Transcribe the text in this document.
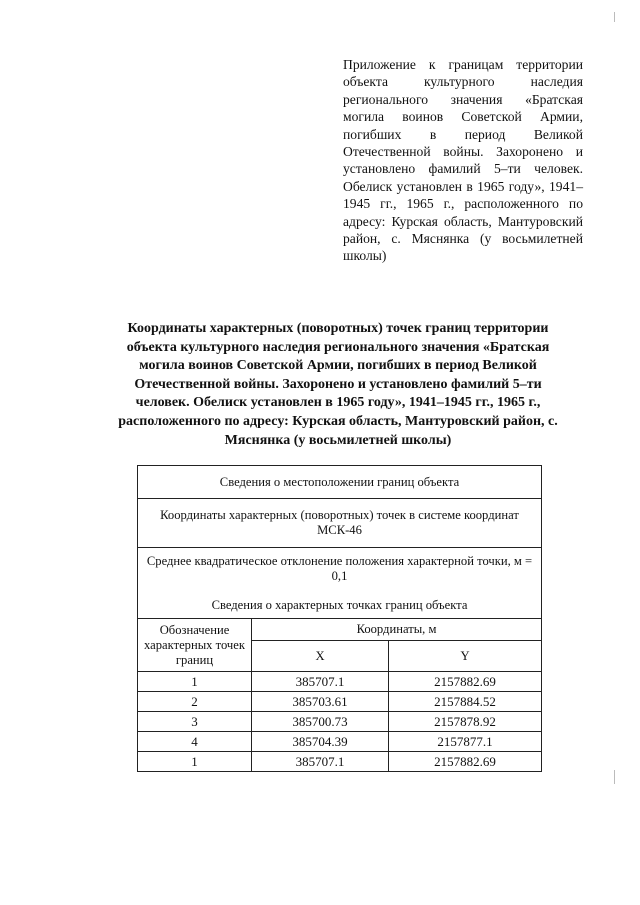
Приложение к границам территории объекта культурного наследия регионального значения «Братская могила воинов Советской Армии, погибших в период Великой Отечественной войны. Захоронено и установлено фамилий 5–ти человек. Обелиск установлен в 1965 году», 1941–1945 гг., 1965 г., расположенного по адресу: Курская область, Мантуровский район, с. Мяснянка (у восьмилетней школы)
Координаты характерных (поворотных) точек границ территории объекта культурного наследия регионального значения «Братская могила воинов Советской Армии, погибших в период Великой Отечественной войны. Захоронено и установлено фамилий 5–ти человек. Обелиск установлен в 1965 году», 1941–1945 гг., 1965 г., расположенного по адресу: Курская область, Мантуровский район, с. Мяснянка (у восьмилетней школы)
Сведения о местоположении границ объекта		
Координаты характерных (поворотных) точек в системе координат МСК-46		
Среднее квадратическое отклонение положения характерной точки, м = 0,1
Сведения о характерных точках границ объекта		
Обозначение характерных точек границ	Координаты, м	
	X	Y
1	385707.1	2157882.69
2	385703.61	2157884.52
3	385700.73	2157878.92
4	385704.39	2157877.1
1	385707.1	2157882.69
